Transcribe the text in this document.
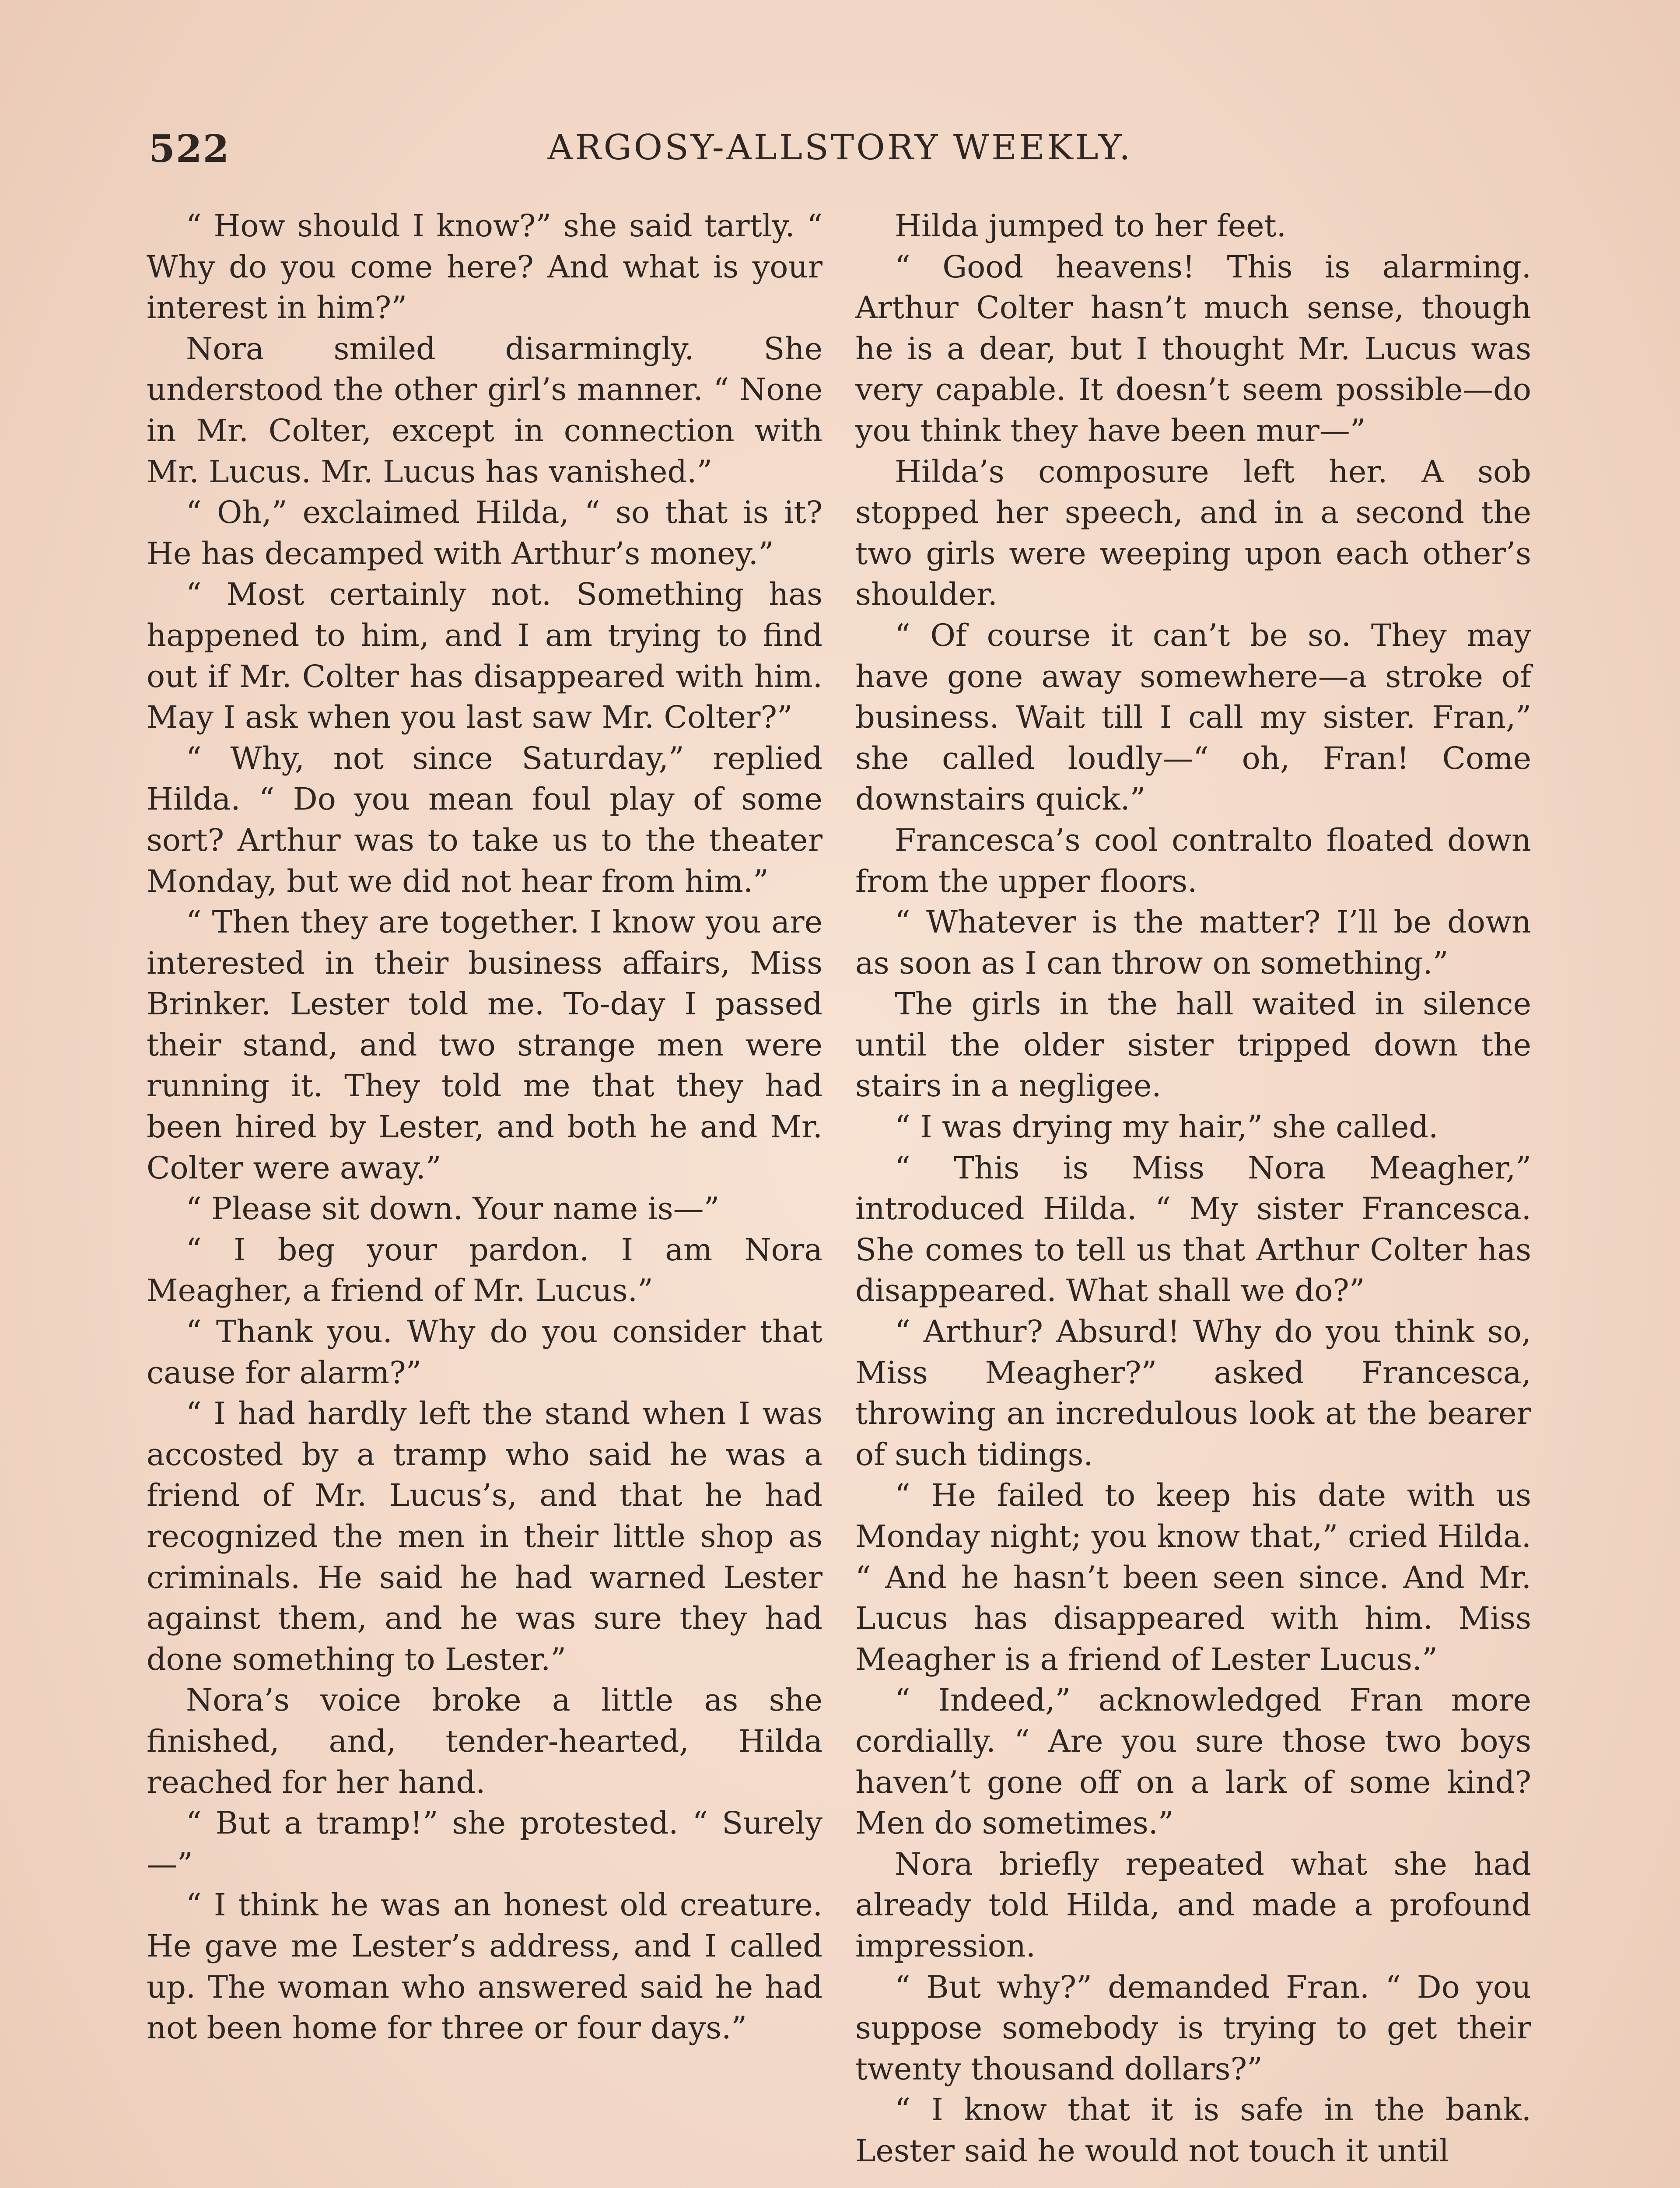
522	ARGOSY-ALLSTORY WEEKLY.

“ How should I know?” she said tartly. “ Why do you come here? And what is your interest in him?”

Nora smiled disarmingly. She understood the other girl’s manner. “ None in Mr. Colter, except in connection with Mr. Lucus. Mr. Lucus has vanished.”

“ Oh,” exclaimed Hilda, “ so that is it? He has decamped with Arthur’s money.”

“ Most certainly not. Something has happened to him, and I am trying to find out if Mr. Colter has disappeared with him. May I ask when you last saw Mr. Colter?”

“ Why, not since Saturday,” replied Hilda. “ Do you mean foul play of some sort? Arthur was to take us to the theater Monday, but we did not hear from him.”

“ Then they are together. I know you are interested in their business affairs, Miss Brinker. Lester told me. To-day I passed their stand, and two strange men were running it. They told me that they had been hired by Lester, and both he and Mr. Colter were away.”

“ Please sit down. Your name is—”

“ I beg your pardon. I am Nora Meagher, a friend of Mr. Lucus.”

“ Thank you. Why do you consider that cause for alarm?”

“ I had hardly left the stand when I was accosted by a tramp who said he was a friend of Mr. Lucus’s, and that he had recognized the men in their little shop as criminals. He said he had warned Lester against them, and he was sure they had done something to Lester.”

Nora’s voice broke a little as she finished, and, tender-hearted, Hilda reached for her hand.

“ But a tramp!” she protested. “ Surely—”

“ I think he was an honest old creature. He gave me Lester’s address, and I called up. The woman who answered said he had not been home for three or four days.”

Hilda jumped to her feet.

“ Good heavens! This is alarming. Arthur Colter hasn’t much sense, though he is a dear, but I thought Mr. Lucus was very capable. It doesn’t seem possible—do you think they have been mur—”

Hilda’s composure left her. A sob stopped her speech, and in a second the two girls were weeping upon each other’s shoulder.

“ Of course it can’t be so. They may have gone away somewhere—a stroke of business. Wait till I call my sister. Fran,” she called loudly—“ oh, Fran! Come downstairs quick.”

Francesca’s cool contralto floated down from the upper floors.

“ Whatever is the matter? I’ll be down as soon as I can throw on something.”

The girls in the hall waited in silence until the older sister tripped down the stairs in a negligee.

“ I was drying my hair,” she called.

“ This is Miss Nora Meagher,” introduced Hilda. “ My sister Francesca. She comes to tell us that Arthur Colter has disappeared. What shall we do?”

“ Arthur? Absurd! Why do you think so, Miss Meagher?” asked Francesca, throwing an incredulous look at the bearer of such tidings.

“ He failed to keep his date with us Monday night; you know that,” cried Hilda. “ And he hasn’t been seen since. And Mr. Lucus has disappeared with him. Miss Meagher is a friend of Lester Lucus.”

“ Indeed,” acknowledged Fran more cordially. “ Are you sure those two boys haven’t gone off on a lark of some kind? Men do sometimes.”

Nora briefly repeated what she had already told Hilda, and made a profound impression.

“ But why?” demanded Fran. “ Do you suppose somebody is trying to get their twenty thousand dollars?”

“ I know that it is safe in the bank. Lester said he would not touch it until
